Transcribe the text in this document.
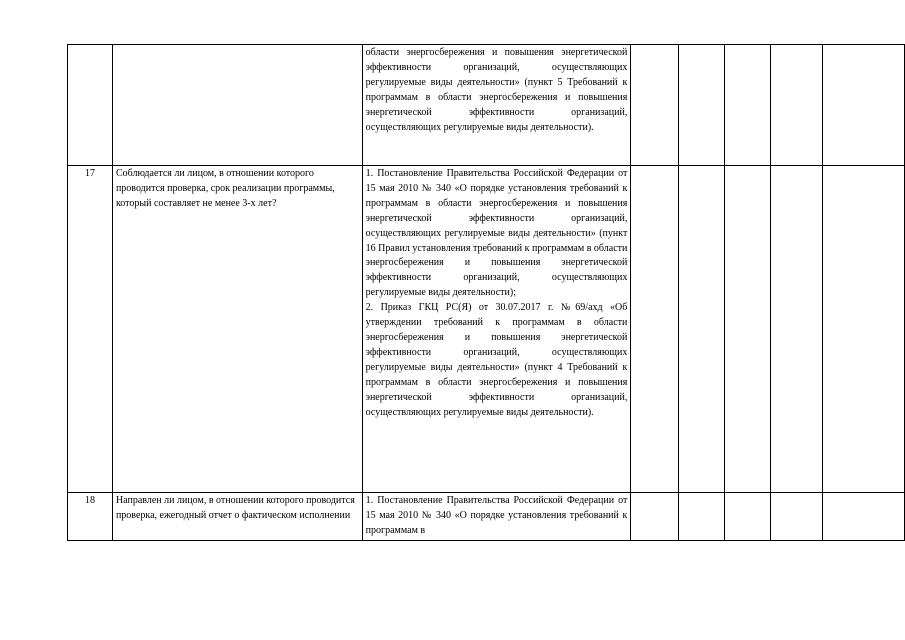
		области энергосбережения и повышения энергетической эффективности организаций, осуществляющих регулируемые виды деятельности» (пункт 5 Требований к программам в области энергосбережения и повышения энергетической эффективности организаций, осуществляющих регулируемые виды деятельности).					

17	Соблюдается ли лицом, в отношении которого проводится проверка, срок реализации программы, который составляет не менее 3-х лет?	1. Постановление Правительства Российской Федерации от 15 мая 2010 № 340 «О порядке установления требований к программам в области энергосбережения и повышения энергетической эффективности организаций, осуществляющих регулируемые виды деятельности» (пункт 16 Правил установления требований к программам в области энергосбережения и повышения энергетической эффективности организаций, осуществляющих регулируемые виды деятельности);

2. Приказ ГКЦ РС(Я) от 30.07.2017 г. №69/ахд «Об утверждении требований к программам в области энергосбережения и повышения энергетической эффективности организаций, осуществляющих регулируемые виды деятельности» (пункт 4 Требований к программам в области энергосбережения и повышения энергетической эффективности организаций, осуществляющих регулируемые виды деятельности).					

18	Направлен ли лицом, в отношении которого проводится проверка, ежегодный отчет о фактическом исполнении	1. Постановление Правительства Российской Федерации от 15 мая 2010 № 340 «О порядке установления требований к программам в					
